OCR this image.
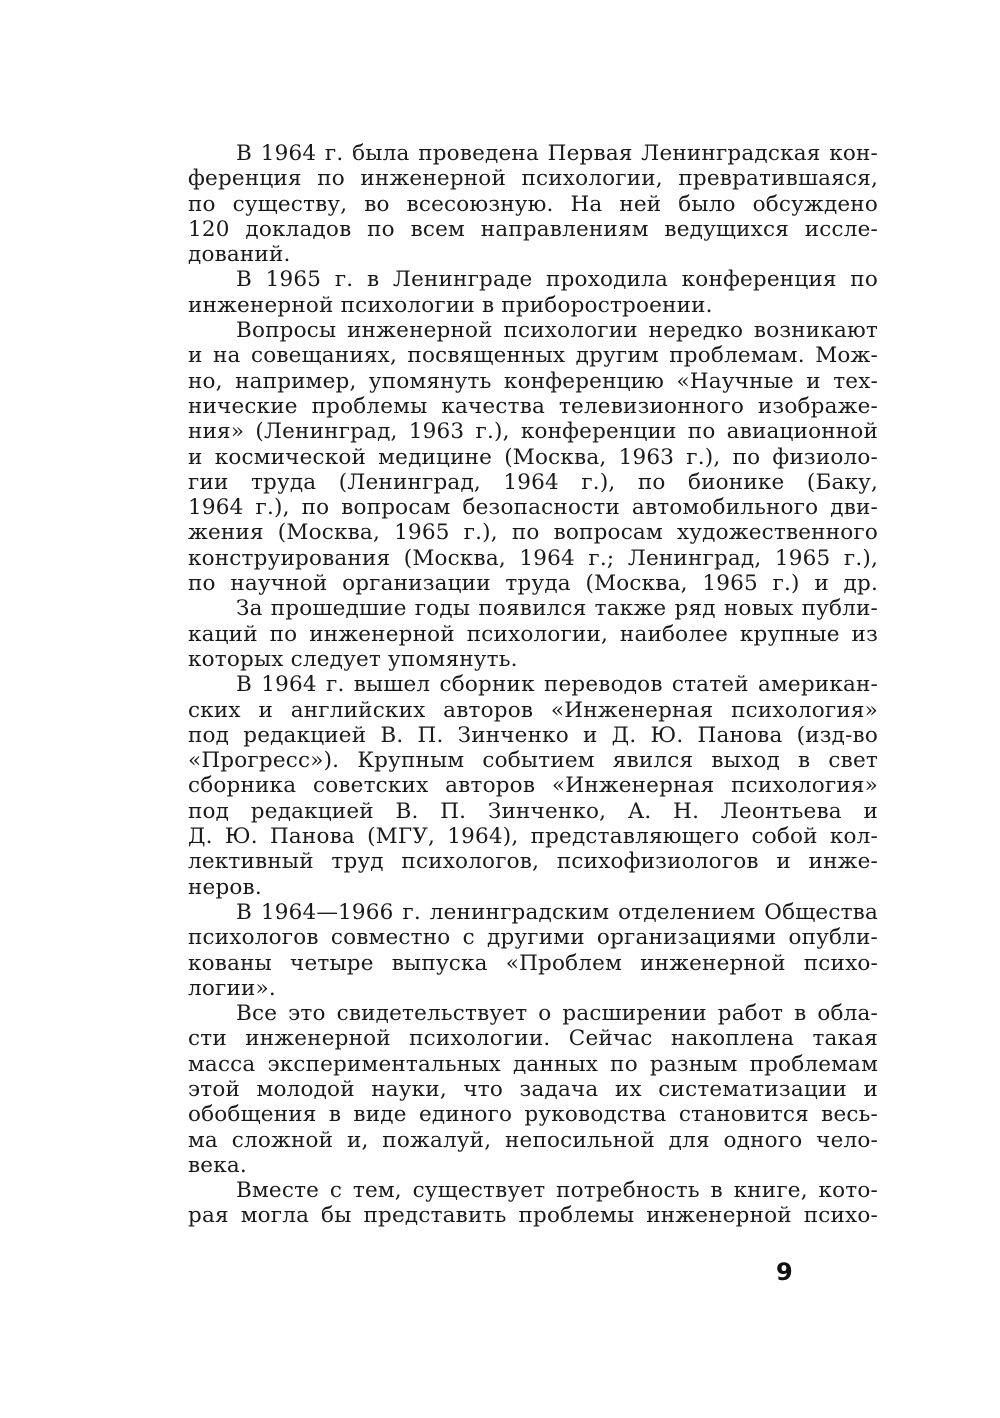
В 1964 г. была проведена Первая Ленинградская кон-
ференция по инженерной психологии, превратившаяся,
по существу, во всесоюзную. На ней было обсуждено
120 докладов по всем направлениям ведущихся иссле-
дований.
В 1965 г. в Ленинграде проходила конференция по
инженерной психологии в приборостроении.
Вопросы инженерной психологии нередко возникают
и на совещаниях, посвященных другим проблемам. Мож-
но, например, упомянуть конференцию «Научные и тех-
нические проблемы качества телевизионного изображе-
ния» (Ленинград, 1963 г.), конференции по авиационной
и космической медицине (Москва, 1963 г.), по физиоло-
гии труда (Ленинград, 1964 г.), по бионике (Баку,
1964 г.), по вопросам безопасности автомобильного дви-
жения (Москва, 1965 г.), по вопросам художественного
конструирования (Москва, 1964 г.; Ленинград, 1965 г.),
по научной организации труда (Москва, 1965 г.) и др.
За прошедшие годы появился также ряд новых публи-
каций по инженерной психологии, наиболее крупные из
которых следует упомянуть.
В 1964 г. вышел сборник переводов статей американ-
ских и английских авторов «Инженерная психология»
под редакцией В. П. Зинченко и Д. Ю. Панова (изд-во
«Прогресс»). Крупным событием явился выход в свет
сборника советских авторов «Инженерная психология»
под редакцией В. П. Зинченко, А. Н. Леонтьева и
Д. Ю. Панова (МГУ, 1964), представляющего собой кол-
лективный труд психологов, психофизиологов и инже-
неров.
В 1964—1966 г. ленинградским отделением Общества
психологов совместно с другими организациями опубли-
кованы четыре выпуска «Проблем инженерной психо-
логии».
Все это свидетельствует о расширении работ в обла-
сти инженерной психологии. Сейчас накоплена такая
масса экспериментальных данных по разным проблемам
этой молодой науки, что задача их систематизации и
обобщения в виде единого руководства становится весь-
ма сложной и, пожалуй, непосильной для одного чело-
века.
Вместе с тем, существует потребность в книге, кото-
рая могла бы представить проблемы инженерной психо-
9
